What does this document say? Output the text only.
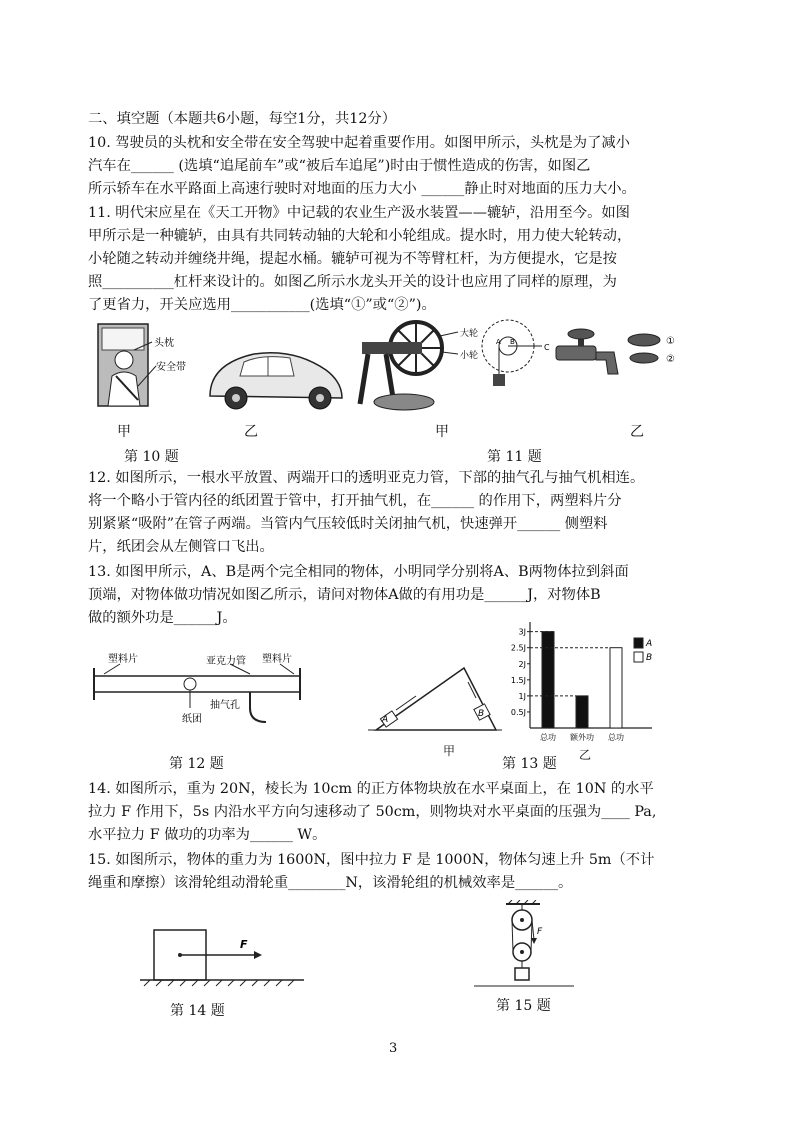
二、填空题（本题共6小题，每空1分，共12分）
10. 驾驶员的头枕和安全带在安全驾驶中起着重要作用。如图甲所示，头枕是为了减小
汽车在______ (选填“追尾前车”或“被后车追尾”)时由于惯性造成的伤害，如图乙
所示轿车在水平路面上高速行驶时对地面的压力大小 ______静止时对地面的压力大小。
11. 明代宋应星在《天工开物》中记载的农业生产汲水装置——辘轳，沿用至今。如图
甲所示是一种辘轳，由具有共同转动轴的大轮和小轮组成。提水时，用力使大轮转动，
小轮随之转动并缠绕井绳，提起水桶。辘轳可视为不等臂杠杆，为方便提水，它是按
照__________杠杆来设计的。如图乙所示水龙头开关的设计也应用了同样的原理，为
了更省力，开关应选用___________(选填“①”或“②”)。
头枕
安全带
甲	乙
第 10 题
大轮
小轮
A B
C
①
②
甲	乙
第 11 题
12. 如图所示，一根水平放置、两端开口的透明亚克力管，下部的抽气孔与抽气机相连。
将一个略小于管内径的纸团置于管中，打开抽气机，在______ 的作用下，两塑料片分
别紧紧“吸附”在管子两端。当管内气压较低时关闭抽气机，快速弹开______ 侧塑料
片，纸团会从左侧管口飞出。
13. 如图甲所示，A、B是两个完全相同的物体，小明同学分别将A、B两物体拉到斜面
顶端，对物体做功情况如图乙所示，请问对物体A做的有用功是______J，对物体B
做的额外功是______J。
塑料片	亚克力管 塑料片
纸团
抽气孔
第 12 题
A
B
甲
0.5J
1J
1.5J
2J
2.5J
3J
总功 额外功 总功
A
B
第 13 题
乙
14. 如图所示，重为 20N，棱长为 10cm 的正方体物块放在水平桌面上，在 10N 的水平
拉力 F 作用下，5s 内沿水平方向匀速移动了 50cm，则物块对水平桌面的压强为____ Pa,
水平拉力 F 做功的功率为______ W。
15. 如图所示，物体的重力为 1600N，图中拉力 F 是 1000N，物体匀速上升 5m（不计
绳重和摩擦）该滑轮组动滑轮重________N，该滑轮组的机械效率是______。
F
第 14 题
F
第 15 题
3
